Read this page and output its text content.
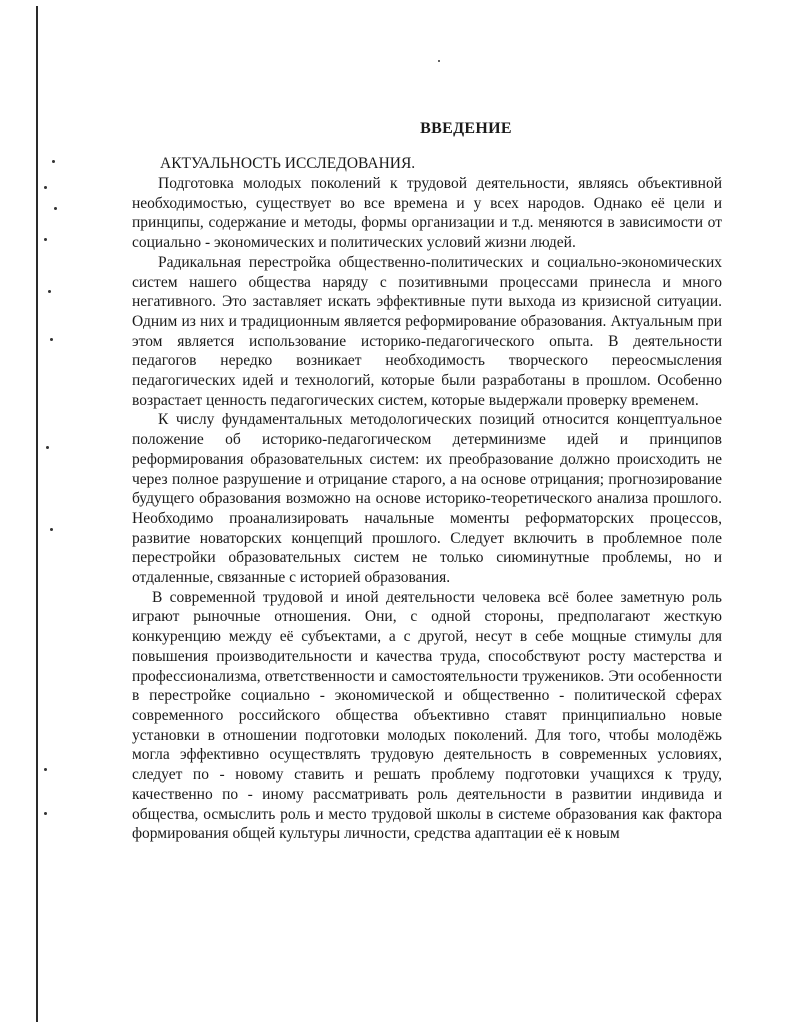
ВВЕДЕНИЕ
АКТУАЛЬНОСТЬ ИССЛЕДОВАНИЯ.

Подготовка молодых поколений к трудовой деятельности, являясь объективной необходимостью, существует во все времена и у всех народов. Однако её цели и принципы, содержание и методы, формы организации и т.д. меняются в зависимости от социально - экономических и политических условий жизни людей.

Радикальная перестройка общественно-политических и социально-экономических систем нашего общества наряду с позитивными процессами принесла и много негативного. Это заставляет искать эффективные пути выхода из кризисной ситуации. Одним из них и традиционным является реформирование образования. Актуальным при этом является использование историко-педагогического опыта. В деятельности педагогов нередко возникает необходимость творческого переосмысления педагогических идей и технологий, которые были разработаны в прошлом. Особенно возрастает ценность педагогических систем, которые выдержали проверку временем.

К числу фундаментальных методологических позиций относится концептуальное положение об историко-педагогическом детерминизме идей и принципов реформирования образовательных систем: их преобразование должно происходить не через полное разрушение и отрицание старого, а на основе отрицания; прогнозирование будущего образования возможно на основе историко-теоретического анализа прошлого. Необходимо проанализировать начальные моменты реформаторских процессов, развитие новаторских концепций прошлого. Следует включить в проблемное поле перестройки образовательных систем не только сиюминутные проблемы, но и отдаленные, связанные с историей образования.

В современной трудовой и иной деятельности человека всё более заметную роль играют рыночные отношения. Они, с одной стороны, предполагают жесткую конкуренцию между её субъектами, а с другой, несут в себе мощные стимулы для повышения производительности и качества труда, способствуют росту мастерства и профессионализма, ответственности и самостоятельности тружеников. Эти особенности в перестройке социально - экономической и общественно - политической сферах современного российского общества объективно ставят принципиально новые установки в отношении подготовки молодых поколений. Для того, чтобы молодёжь могла эффективно осуществлять трудовую деятельность в современных условиях, следует по - новому ставить и решать проблему подготовки учащихся к труду, качественно по - иному рассматривать роль деятельности в развитии индивида и общества, осмыслить роль и место трудовой школы в системе образования как фактора формирования общей культуры личности, средства адаптации её к новым
